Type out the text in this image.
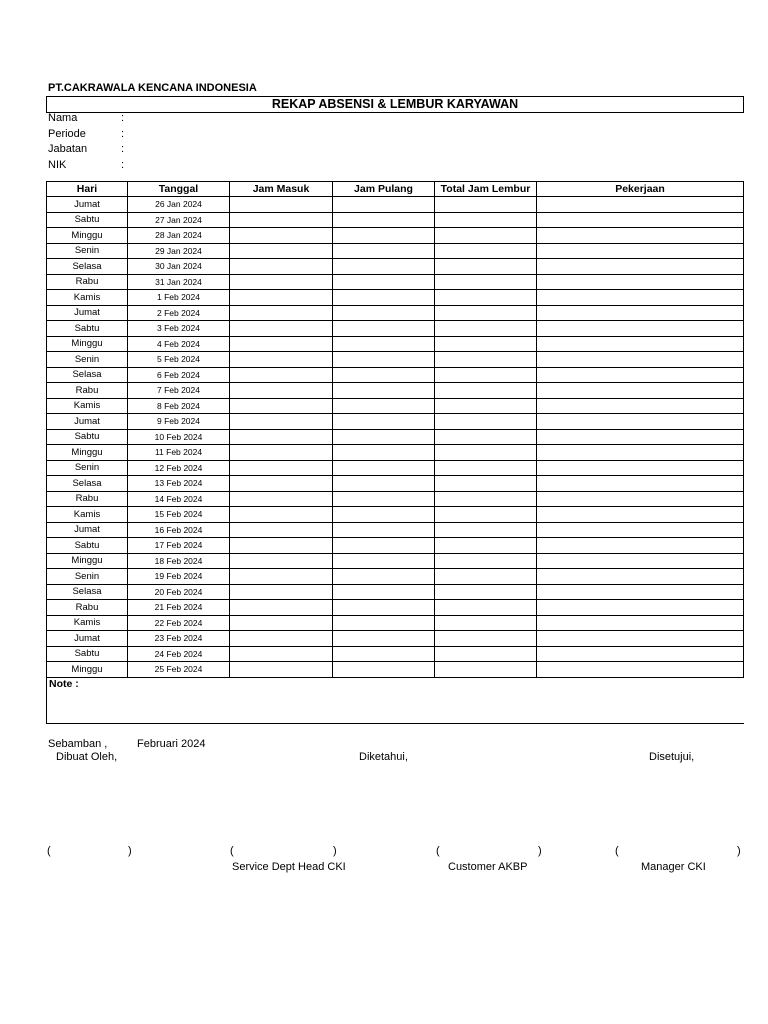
PT.CAKRAWALA KENCANA INDONESIA
REKAP ABSENSI & LEMBUR KARYAWAN
Nama	:
Periode	:
Jabatan	:
NIK	:
Hari	Tanggal	Jam Masuk	Jam Pulang	Total Jam Lembur	Pekerjaan
Jumat	26 Jan 2024				
Sabtu	27 Jan 2024				
Minggu	28 Jan 2024				
Senin	29 Jan 2024				
Selasa	30 Jan 2024				
Rabu	31 Jan 2024				
Kamis	1 Feb 2024				
Jumat	2 Feb 2024				
Sabtu	3 Feb 2024				
Minggu	4 Feb 2024				
Senin	5 Feb 2024				
Selasa	6 Feb 2024				
Rabu	7 Feb 2024				
Kamis	8 Feb 2024				
Jumat	9 Feb 2024				
Sabtu	10 Feb 2024				
Minggu	11 Feb 2024				
Senin	12 Feb 2024				
Selasa	13 Feb 2024				
Rabu	14 Feb 2024				
Kamis	15 Feb 2024				
Jumat	16 Feb 2024				
Sabtu	17 Feb 2024				
Minggu	18 Feb 2024				
Senin	19 Feb 2024				
Selasa	20 Feb 2024				
Rabu	21 Feb 2024				
Kamis	22 Feb 2024				
Jumat	23 Feb 2024				
Sabtu	24 Feb 2024				
Minggu	25 Feb 2024				
Note :
Sebamban ,	Februari 2024
Dibuat Oleh,	Diketahui,	Disetujui,
(	)	(	)	(	)	(	)
Service Dept Head CKI	Customer AKBP	Manager CKI
